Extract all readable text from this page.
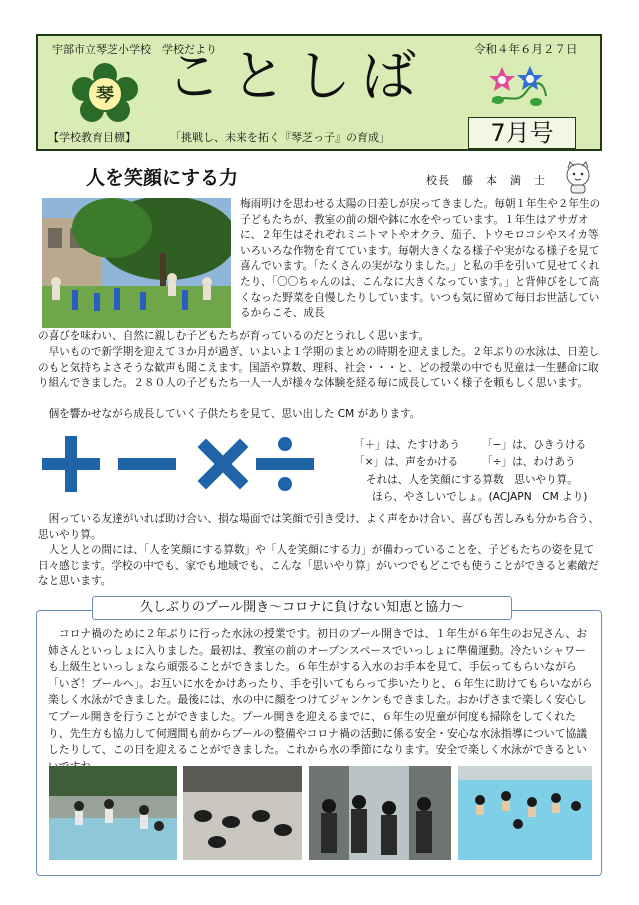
宇部市立琴芝小学校　学校だより	令和４年６月２７日
琴 ことしば
【学校教育目標】	「挑戦し、未来を拓く『琴芝っ子』の育成」	7月号
人を笑顔にする力	校長　藤　本　満　士
梅雨明けを思わせる太陽の日差しが戻ってきました。毎朝１年生や２年生の子どもたちが、教室の前の畑や鉢に水をやっています。１年生はアサガオに、２年生はそれぞれミニトマトやオクラ、茄子、トウモロコシやスイカ等いろいろな作物を育てています。毎朝大きくなる様子や実がなる様子を見て喜んでいます。「たくさんの実がなりました。」と私の手を引いて見せてくれたり、「〇〇ちゃんのは、こんなに大きくなっています。」と背伸びをして高くなった野菜を自慢したりしています。いつも気に留めて毎日お世話しているからこそ、成長
の喜びを味わい、自然に親しむ子どもたちが育っているのだとうれしく思います。
早いもので新学期を迎えて３か月が過ぎ、いよいよ１学期のまとめの時期を迎えました。２年ぶりの水泳は、日差しのもと気持ちよさそうな歓声も聞こえます。国語や算数、理科、社会・・・と、どの授業の中でも児童は一生懸命に取り組んできました。２８０人の子どもたち一人一人が様々な体験を経る毎に成長していく様子を頼もしく思います。
個を響かせながら成長していく子供たちを見て、思い出した CM があります。
「＋」は、たすけあう 「−」は、ひきうける
「×」は、声をかける 「÷」は、わけあう
それは、人を笑顔にする算数　思いやり算。
ほら、やさしいでしょ。(ACJAPN　CM より)
困っている友達がいれば助け合い、損な場面では笑顔で引き受け、よく声をかけ合い、喜びも苦しみも分かち合う、思いやり算。
人と人との間には、「人を笑顔にする算数」や「人を笑顔にする力」が備わっていることを、子どもたちの姿を見て日々感じます。学校の中でも、家でも地域でも、こんな「思いやり算」がいつでもどこでも使うことができると素敵だなと思います。
久しぶりのプール開き～コロナに負けない知恵と協力～
コロナ禍のために２年ぶりに行った水泳の授業です。初日のプール開きでは、１年生が６年生のお兄さん、お姉さんといっしょに入りました。最初は、教室の前のオープンスペースでいっしょに準備運動。冷たいシャワーも上級生といっしょなら頑張ることができました。６年生がする入水のお手本を見て、手伝ってもらいながら「いざ！プールへ」。お互いに水をかけあったり、手を引いてもらって歩いたりと、６年生に助けてもらいながら楽しく水泳ができました。最後には、水の中に顔をつけてジャンケンもできました。おかげさまで楽しく安心してプール開きを行うことができました。プール開きを迎えるまでに、６年生の児童が何度も掃除をしてくれたり、先生方も協力して何週間も前からプールの整備やコロナ禍の活動に係る安全・安心な水泳指導について協議したりして、この日を迎えることができました。これから水の季節になります。安全で楽しく水泳ができるとい
